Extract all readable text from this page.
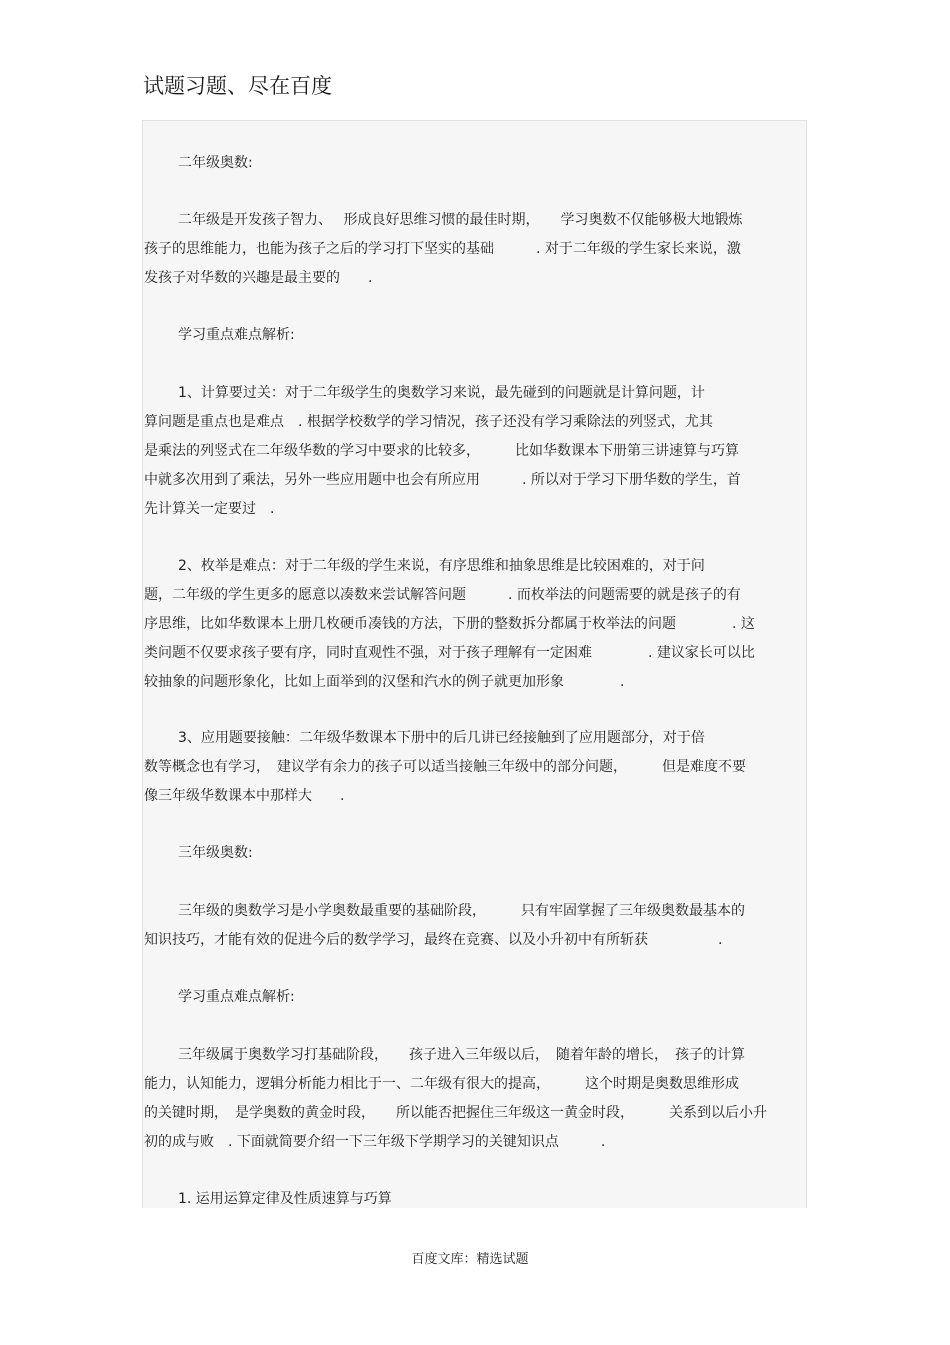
试题习题、尽在百度
二年级奥数:
二年级是开发孩子智力、　 形成良好思维习惯的最佳时期，　　学习奥数不仅能够极大地锻炼
孩子的思维能力，也能为孩子之后的学习打下坚实的基础　　　. 对于二年级的学生家长来说，激
发孩子对华数的兴趣是最主要的　　.
学习重点难点解析:
1、计算要过关：对于二年级学生的奥数学习来说，最先碰到的问题就是计算问题，计
算问题是重点也是难点　. 根据学校数学的学习情况，孩子还没有学习乘除法的列竖式，尤其
是乘法的列竖式在二年级华数的学习中要求的比较多，　　　比如华数课本下册第三讲速算与巧算
中就多次用到了乘法，另外一些应用题中也会有所应用　　　. 所以对于学习下册华数的学生，首
先计算关一定要过　.
2、枚举是难点：对于二年级的学生来说，有序思维和抽象思维是比较困难的，对于问
题，二年级的学生更多的愿意以凑数来尝试解答问题　　　. 而枚举法的问题需要的就是孩子的有
序思维，比如华数课本上册几枚硬币凑钱的方法，下册的整数拆分都属于枚举法的问题　　　　. 这
类问题不仅要求孩子要有序，同时直观性不强，对于孩子理解有一定困难　　　　. 建议家长可以比
较抽象的问题形象化，比如上面举到的汉堡和汽水的例子就更加形象　　　　.
3、应用题要接触：二年级华数课本下册中的后几讲已经接触到了应用题部分，对于倍
数等概念也有学习，　建议学有余力的孩子可以适当接触三年级中的部分问题，　　　但是难度不要
像三年级华数课本中那样大　　.
三年级奥数:
三年级的奥数学习是小学奥数最重要的基础阶段，　　　只有牢固掌握了三年级奥数最基本的
知识技巧，才能有效的促进今后的数学学习，最终在竞赛、以及小升初中有所斩获　　　　　.
学习重点难点解析:
三年级属于奥数学习打基础阶段，　　孩子进入三年级以后，　随着年龄的增长，　孩子的计算
能力，认知能力，逻辑分析能力相比于一、二年级有很大的提高，　　　这个时期是奥数思维形成
的关键时期，　是学奥数的黄金时段，　　所以能否把握住三年级这一黄金时段，　　　关系到以后小升
初的成与败　. 下面就简要介绍一下三年级下学期学习的关键知识点　　　.
1. 运用运算定律及性质速算与巧算
百度文库：精选试题
